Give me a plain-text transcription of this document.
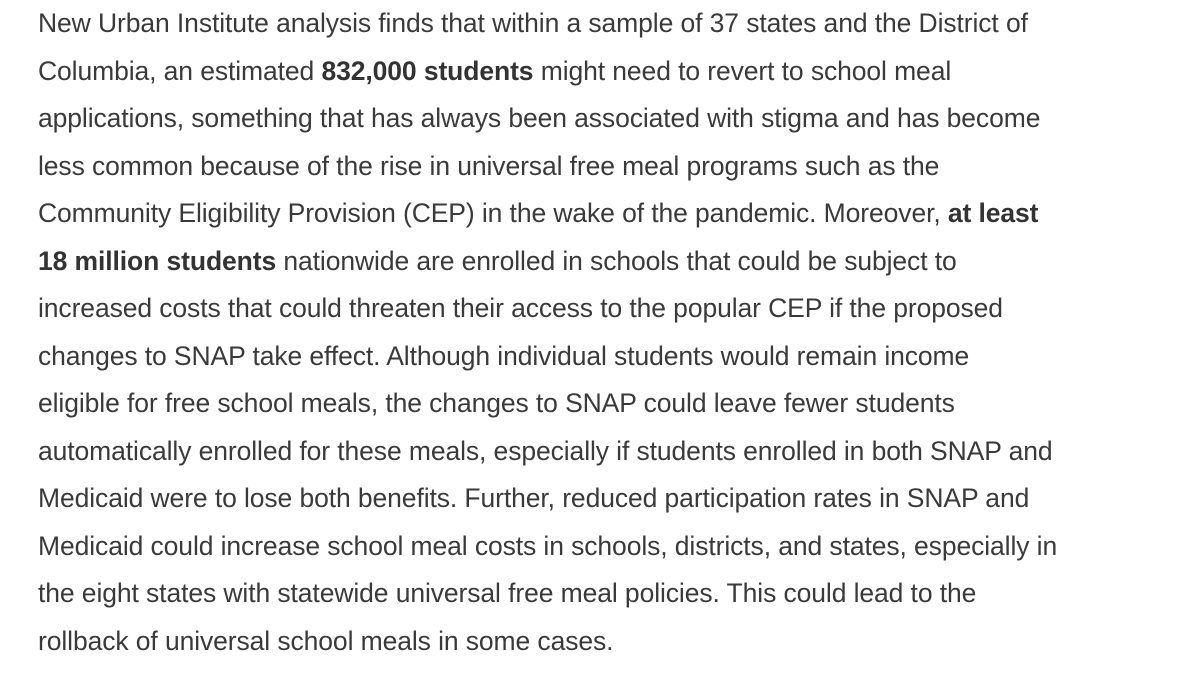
New Urban Institute analysis finds that within a sample of 37 states and the District of
Columbia, an estimated 832,000 students might need to revert to school meal
applications, something that has always been associated with stigma and has become
less common because of the rise in universal free meal programs such as the
Community Eligibility Provision (CEP) in the wake of the pandemic. Moreover, at least
18 million students nationwide are enrolled in schools that could be subject to
increased costs that could threaten their access to the popular CEP if the proposed
changes to SNAP take effect. Although individual students would remain income
eligible for free school meals, the changes to SNAP could leave fewer students
automatically enrolled for these meals, especially if students enrolled in both SNAP and
Medicaid were to lose both benefits. Further, reduced participation rates in SNAP and
Medicaid could increase school meal costs in schools, districts, and states, especially in
the eight states with statewide universal free meal policies. This could lead to the
rollback of universal school meals in some cases.
